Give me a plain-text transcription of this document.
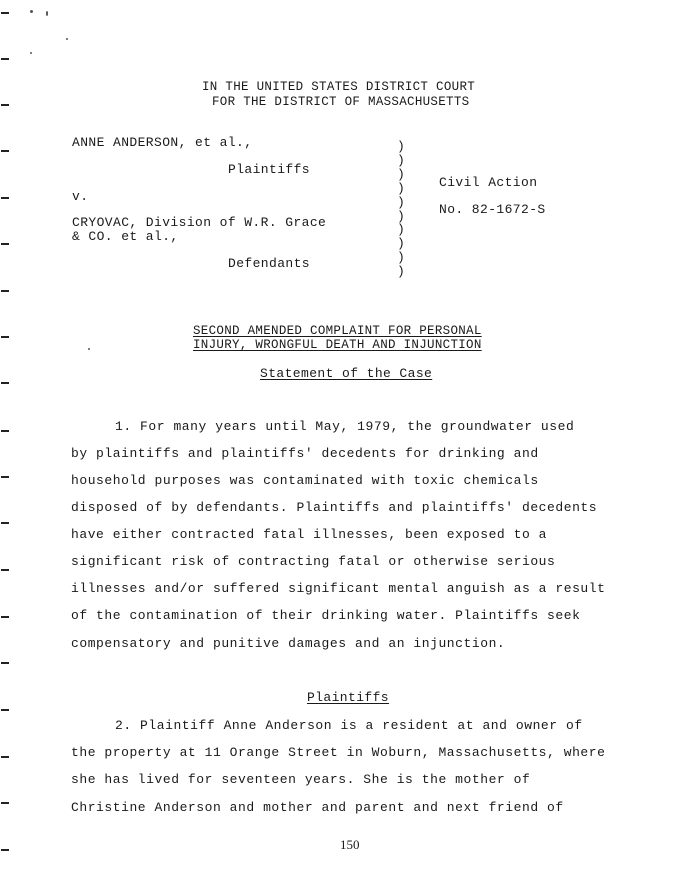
IN THE UNITED STATES DISTRICT COURT
FOR THE DISTRICT OF MASSACHUSETTS
ANNE ANDERSON, et al.,
Plaintiffs
v.
CRYOVAC, Division of W.R. Grace
& CO. et al.,
Defendants
)
)
)
)
)
)
)
)
)
)
Civil Action
No. 82-1672-S
SECOND AMENDED COMPLAINT FOR PERSONAL
INJURY, WRONGFUL DEATH AND INJUNCTION
Statement of the Case
1. For many years until May, 1979, the groundwater used
by plaintiffs and plaintiffs' decedents for drinking and
household purposes was contaminated with toxic chemicals
disposed of by defendants. Plaintiffs and plaintiffs' decedents
have either contracted fatal illnesses, been exposed to a
significant risk of contracting fatal or otherwise serious
illnesses and/or suffered significant mental anguish as a result
of the contamination of their drinking water. Plaintiffs seek
compensatory and punitive damages and an injunction.
Plaintiffs
2. Plaintiff Anne Anderson is a resident at and owner of
the property at 11 Orange Street in Woburn, Massachusetts, where
she has lived for seventeen years. She is the mother of
Christine Anderson and mother and parent and next friend of
150
